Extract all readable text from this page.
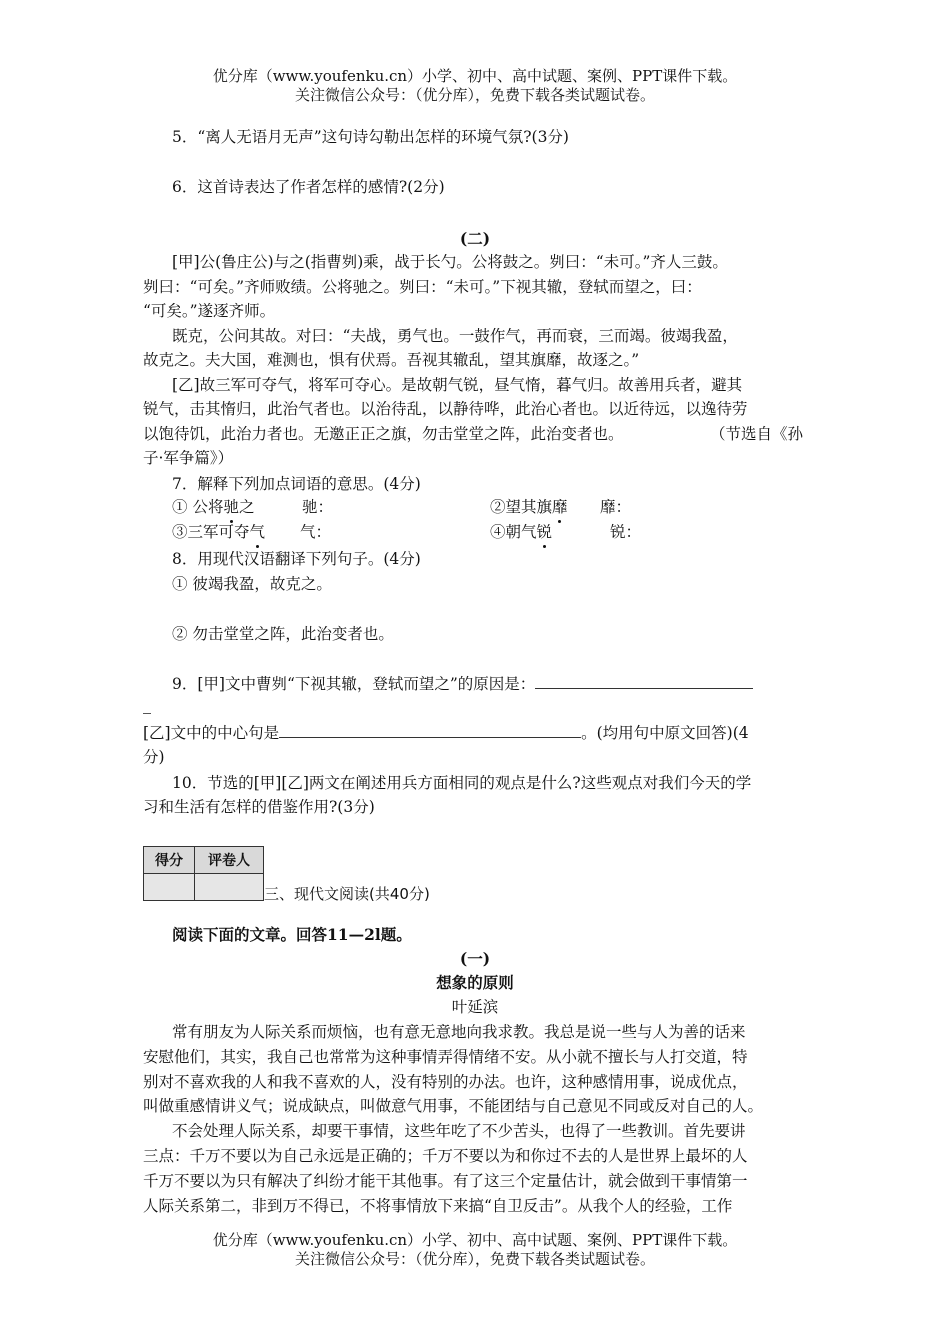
优分库（www.youfenku.cn）小学、初中、高中试题、案例、PPT课件下载。
关注微信公众号：（优分库），免费下载各类试题试卷。
5．“离人无语月无声”这句诗勾勒出怎样的环境气氛?(3分)
6．这首诗表达了作者怎样的感情?(2分)
(二)
[甲]公(鲁庄公)与之(指曹刿)乘，战于长勺。公将鼓之。刿曰：“未可。”齐人三鼓。
刿曰：“可矣。”齐师败绩。公将驰之。刿曰：“未可。”下视其辙，登轼而望之，曰：
“可矣。”遂逐齐师。
既克，公问其故。对曰：“夫战，勇气也。一鼓作气，再而衰，三而竭。彼竭我盈，
故克之。夫大国，难测也，惧有伏焉。吾视其辙乱，望其旗靡，故逐之。”
[乙]故三军可夺气，将军可夺心。是故朝气锐，昼气惰，暮气归。故善用兵者，避其
锐气，击其惰归，此治气者也。以治待乱，以静待哗，此治心者也。以近待远，以逸待劳
以饱待饥，此治力者也。无邀正正之旗，勿击堂堂之阵，此治变者也。	（节选自《孙
子·军争篇》）
7．解释下列加点词语的意思。(4分)
① 公将驰之	驰：	②望其旗靡 靡：
③三军可夺气 气：	④朝气锐	锐：
8．用现代汉语翻译下列句子。(4分)
① 彼竭我盈，故克之。
② 勿击堂堂之阵，此治变者也。
9．[甲]文中曹刿“下视其辙，登轼而望之”的原因是：
[乙]文中的中心句是	。(均用句中原文回答)(4
分)
10．节选的[甲][乙]两文在阐述用兵方面相同的观点是什么?这些观点对我们今天的学
习和生活有怎样的借鉴作用?(3分)
得分	评卷人

三、现代文阅读(共40分)
阅读下面的文章。回答11—2l题。
(一)
想象的原则
叶延滨
常有朋友为人际关系而烦恼，也有意无意地向我求教。我总是说一些与人为善的话来
安慰他们，其实，我自己也常常为这种事情弄得情绪不安。从小就不擅长与人打交道，特
别对不喜欢我的人和我不喜欢的人，没有特别的办法。也许，这种感情用事，说成优点，
叫做重感情讲义气；说成缺点，叫做意气用事，不能团结与自己意见不同或反对自己的人。
不会处理人际关系，却要干事情，这些年吃了不少苦头，也得了一些教训。首先要讲
三点：千万不要以为自己永远是正确的；千万不要以为和你过不去的人是世界上最坏的人
千万不要以为只有解决了纠纷才能干其他事。有了这三个定量估计，就会做到干事情第一
人际关系第二，非到万不得已，不将事情放下来搞“自卫反击”。从我个人的经验，工作
优分库（www.youfenku.cn）小学、初中、高中试题、案例、PPT课件下载。
关注微信公众号：（优分库），免费下载各类试题试卷。
